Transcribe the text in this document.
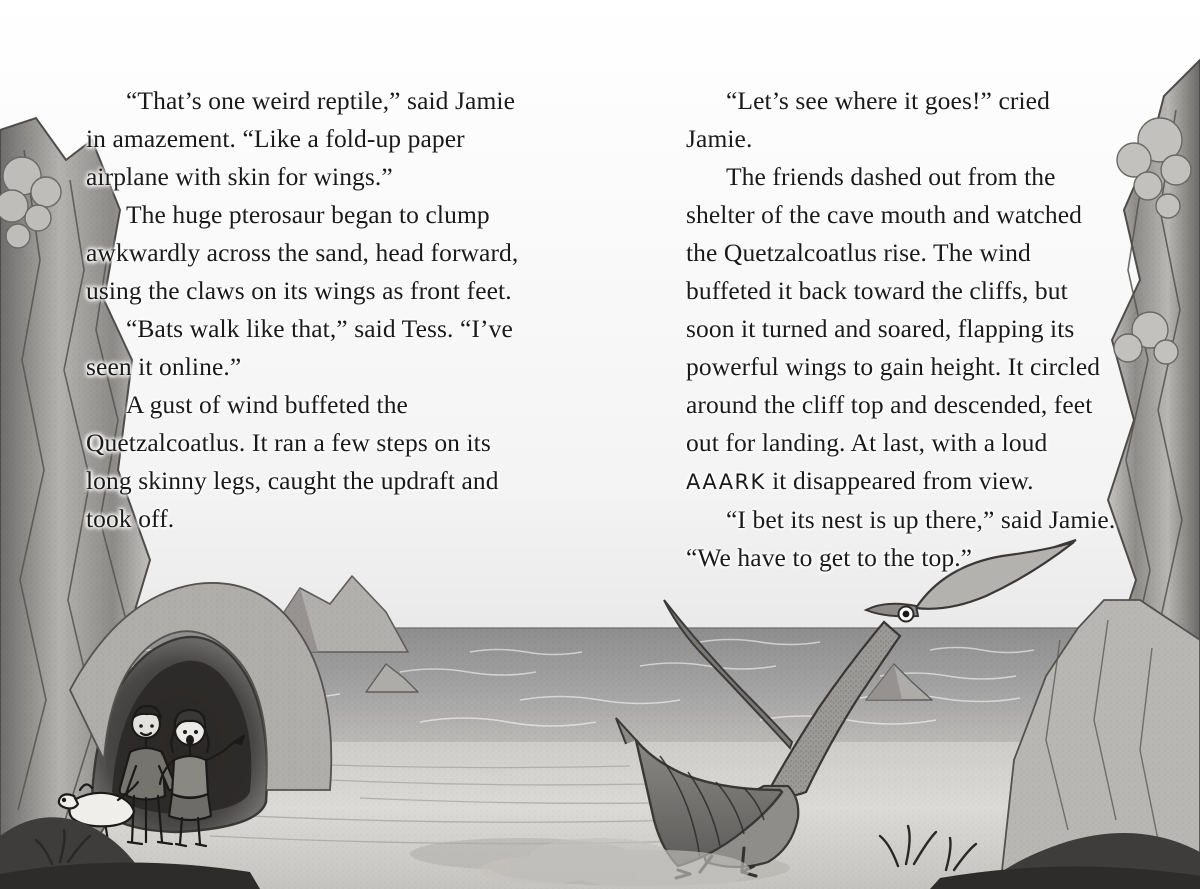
“That’s one weird reptile,” said Jamie in amazement. “Like a fold-up paper airplane with skin for wings.”

The huge pterosaur began to clump awkwardly across the sand, head forward, using the claws on its wings as front feet.

“Bats walk like that,” said Tess. “I’ve seen it online.”

A gust of wind buffeted the Quetzalcoatlus. It ran a few steps on its long skinny legs, caught the updraft and took off.

“Let’s see where it goes!” cried Jamie.

The friends dashed out from the shelter of the cave mouth and watched the Quetzalcoatlus rise. The wind buffeted it back toward the cliffs, but soon it turned and soared, flapping its powerful wings to gain height. It circled around the cliff top and descended, feet out for landing. At last, with a loud AAARK it disappeared from view.

“I bet its nest is up there,” said Jamie. “We have to get to the top.”
